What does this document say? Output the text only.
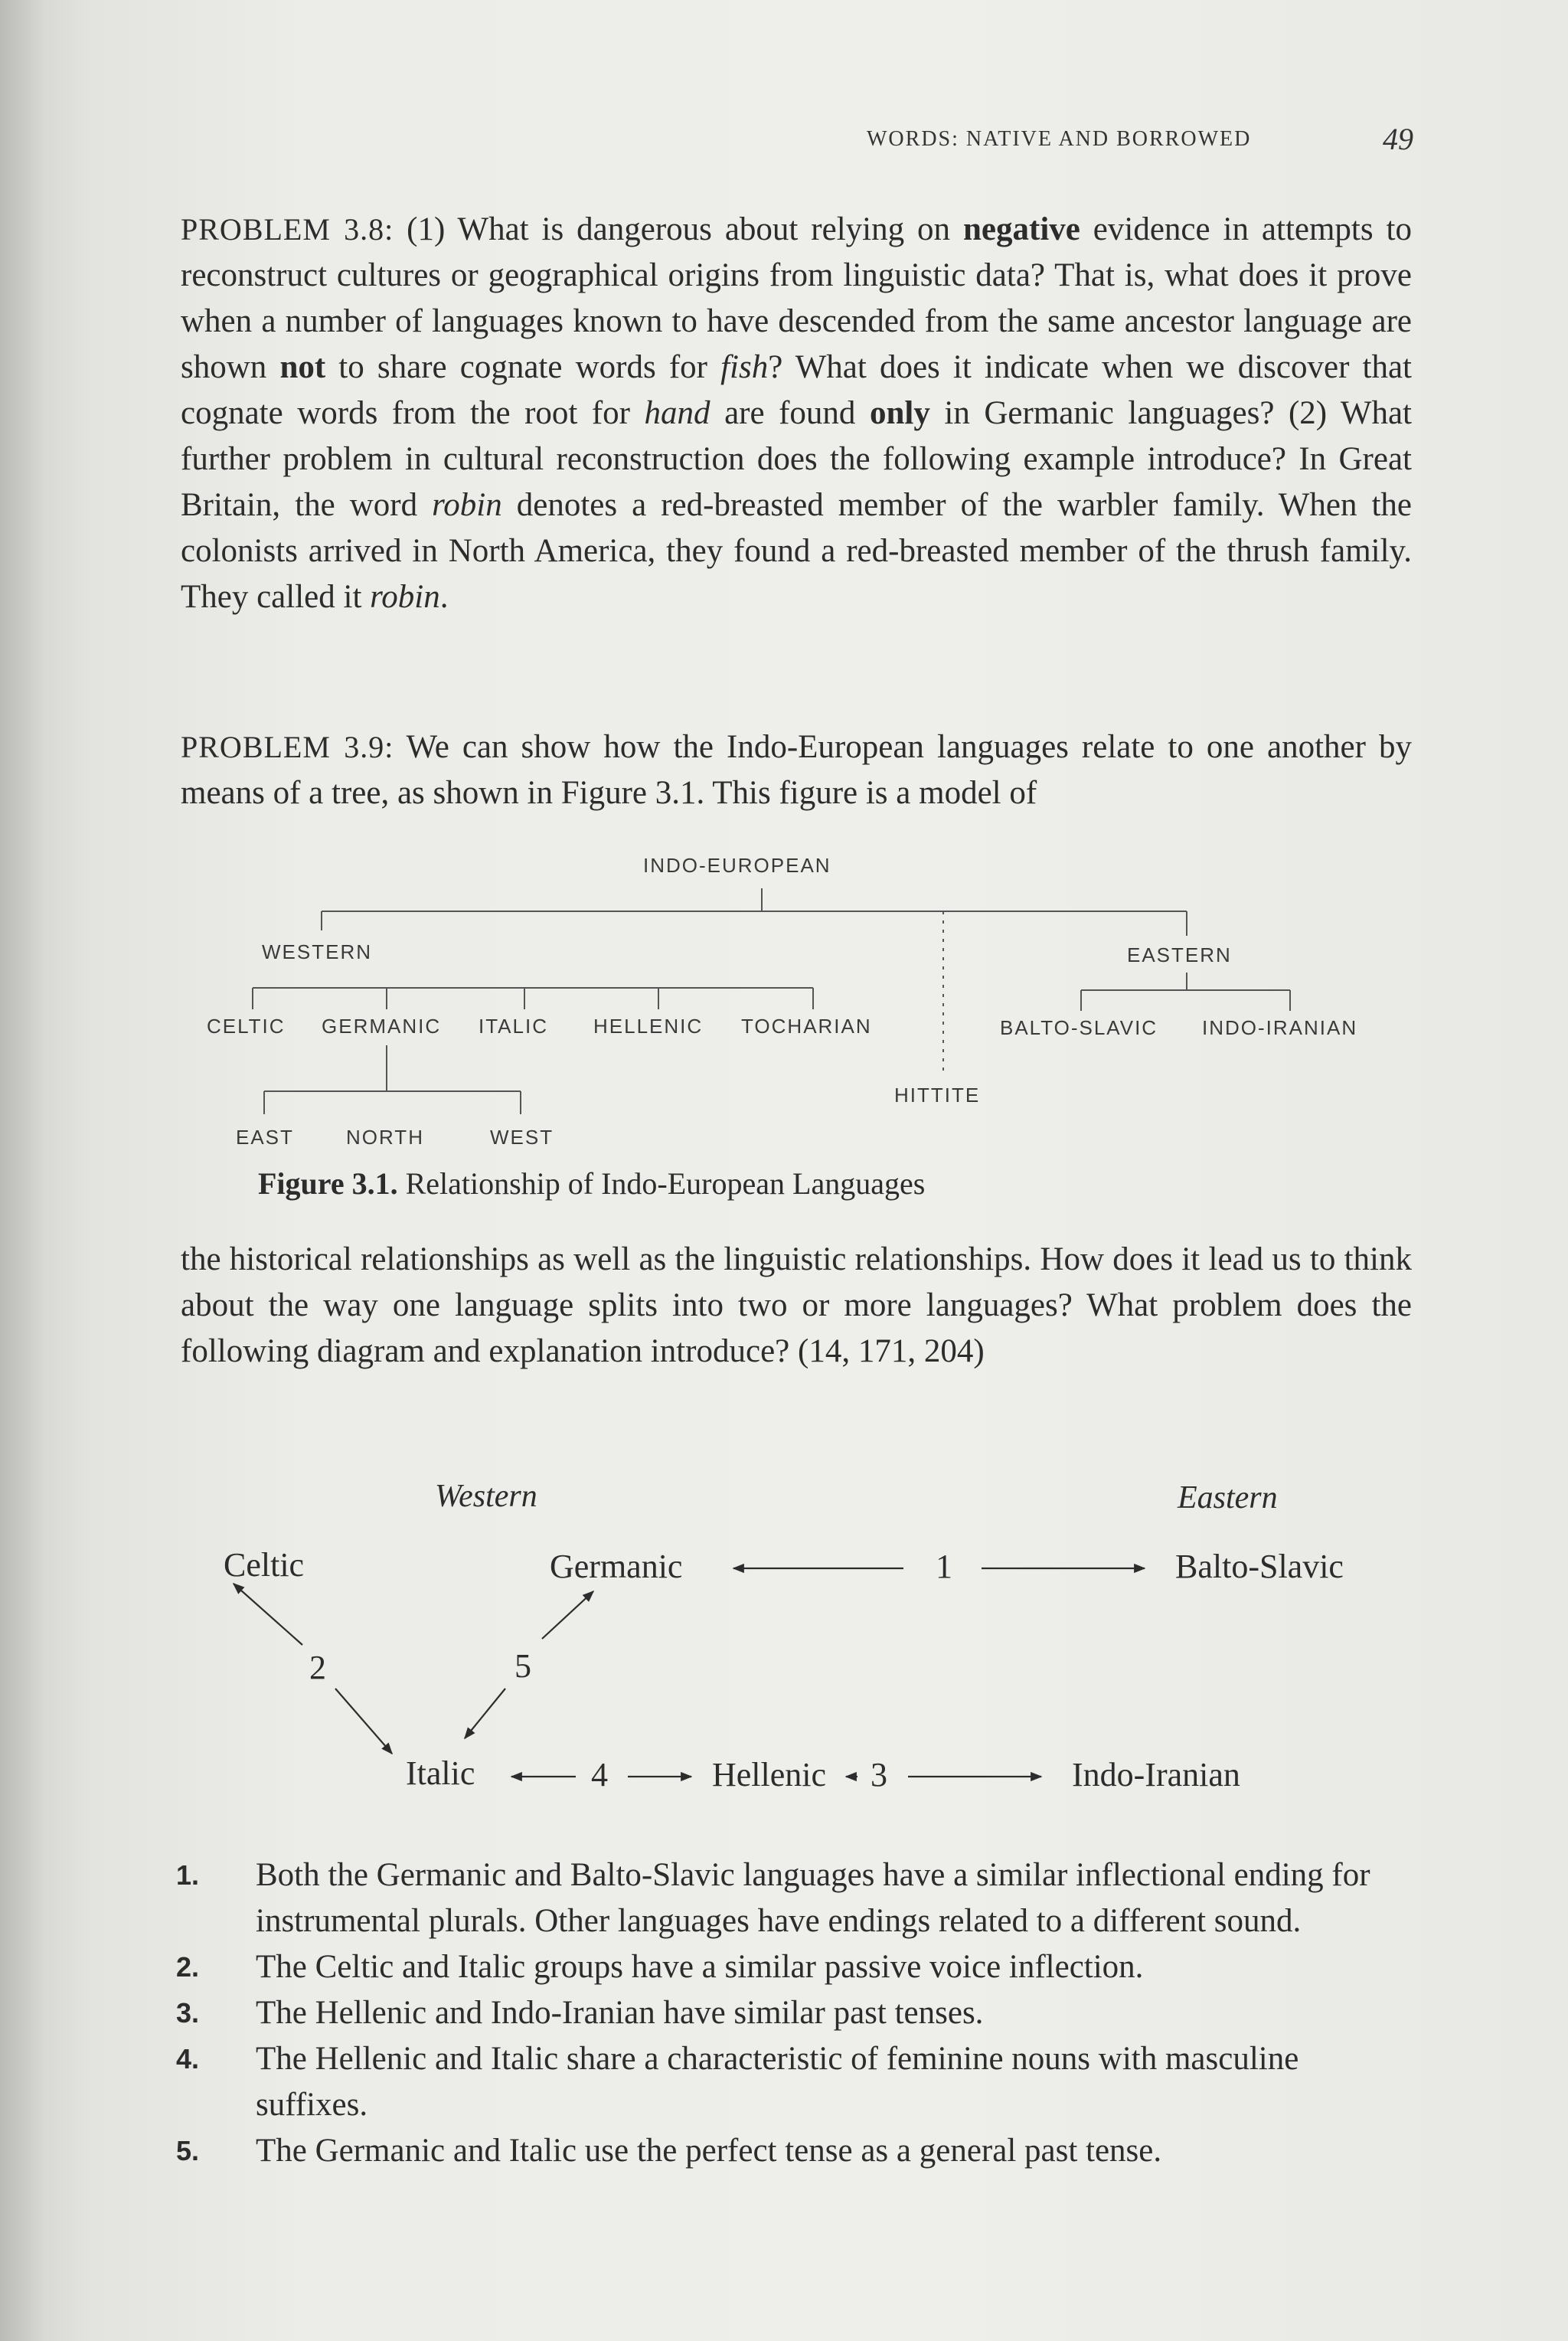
WORDS: NATIVE AND BORROWED	49
PROBLEM 3.8: (1) What is dangerous about relying on negative evidence in attempts to reconstruct cultures or geographical origins from linguistic data? That is, what does it prove when a number of languages known to have descended from the same ancestor language are shown not to share cognate words for fish? What does it indicate when we discover that cognate words from the root for hand are found only in Germanic languages? (2) What further problem in cultural reconstruction does the following example introduce? In Great Britain, the word robin denotes a red-breasted member of the warbler family. When the colonists arrived in North America, they found a red-breasted member of the thrush family. They called it robin.
PROBLEM 3.9: We can show how the Indo-European languages relate to one another by means of a tree, as shown in Figure 3.1. This figure is a model of
INDO-EUROPEAN
WESTERN	EASTERN
CELTIC GERMANIC ITALIC HELLENIC TOCHARIAN	BALTO-SLAVIC INDO-IRANIAN
HITTITE
EAST	NORTH	WEST
Figure 3.1. Relationship of Indo-European Languages
the historical relationships as well as the linguistic relationships. How does it lead us to think about the way one language splits into two or more languages? What problem does the following diagram and explanation introduce? (14, 171, 204)
Western	Eastern
Celtic	Germanic	Balto-Slavic
Italic	Hellenic	Indo-Iranian
1
2
3
4
5
1. Both the Germanic and Balto-Slavic languages have a similar inflectional ending for instrumental plurals. Other languages have endings related to a different sound.
2. The Celtic and Italic groups have a similar passive voice inflection.
3. The Hellenic and Indo-Iranian have similar past tenses.
4. The Hellenic and Italic share a characteristic of feminine nouns with masculine suffixes.
5. The Germanic and Italic use the perfect tense as a general past tense.
